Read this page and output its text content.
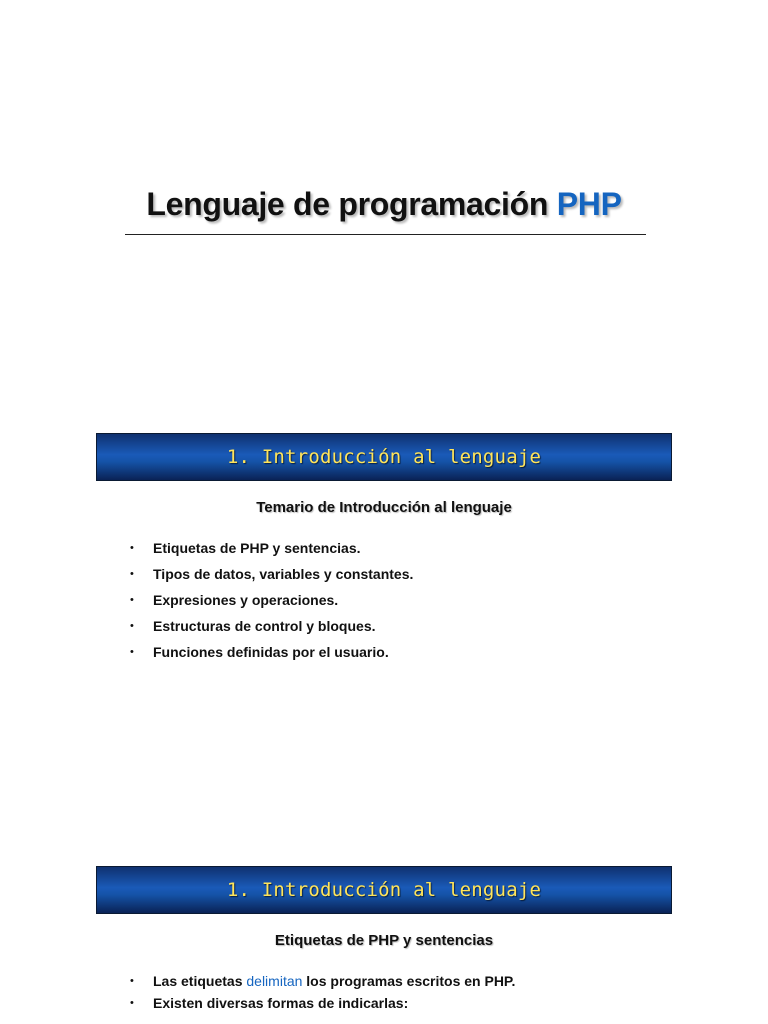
Lenguaje de programación PHP
1. Introducción al lenguaje
Temario de Introducción al lenguaje
• Etiquetas de PHP y sentencias.
• Tipos de datos, variables y constantes.
• Expresiones y operaciones.
• Estructuras de control y bloques.
• Funciones definidas por el usuario.
1. Introducción al lenguaje
Etiquetas de PHP y sentencias
• Las etiquetas delimitan los programas escritos en PHP.
• Existen diversas formas de indicarlas:
